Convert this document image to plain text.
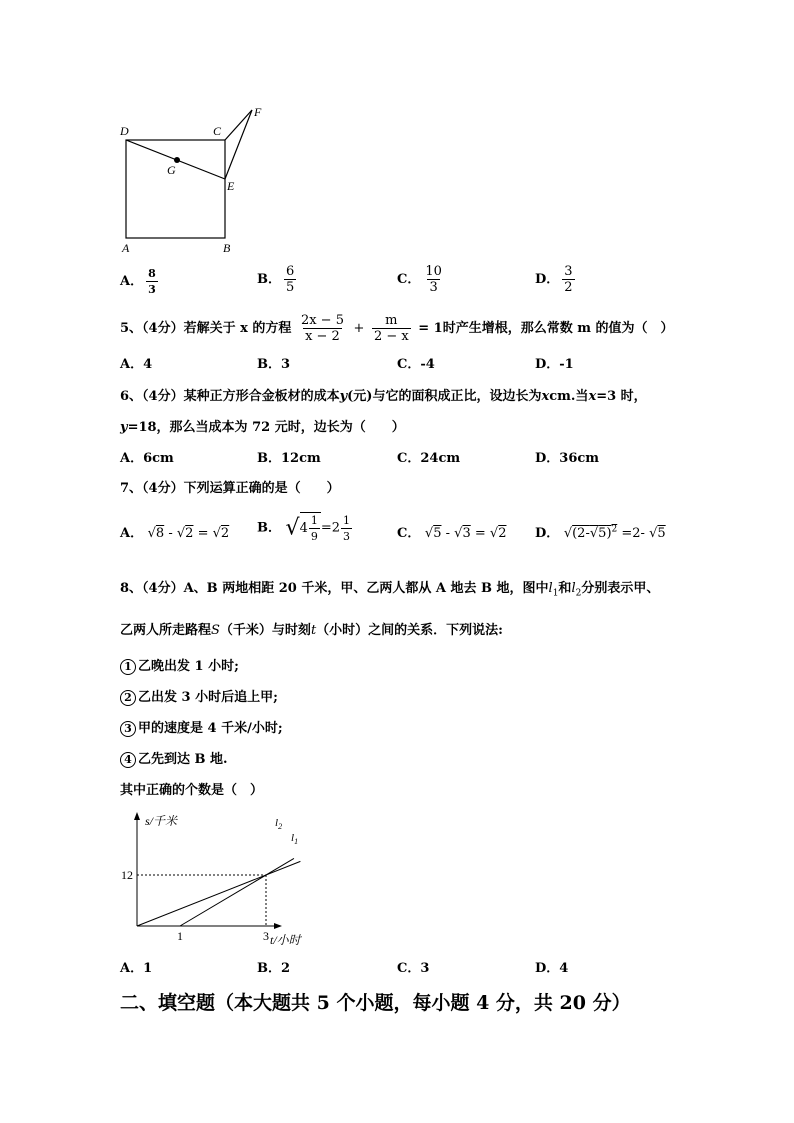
D	C
F
G
E
A	B
A． $\frac{8}{3}$	B． $\frac{6}{5}$	C． $\frac{10}{3}$	D． $\frac{3}{2}$
5、（4分）若解关于 x 的方程 $\frac{2x - 5}{x - 2} + \frac{m}{2 - x} = 1$时产生增根，那么常数 m 的值为（　）
A．4	B．3	C．-4	D．-1
6、（4分）某种正方形合金板材的成本y(元)与它的面积成正比，设边长为xcm.当x=3 时，
y=18，那么当成本为 72 元时，边长为（　　）
A．6cm	B．12cm	C．24cm	D．36cm
7、（4分）下列运算正确的是（　　）
A． √8 - √2 = √2 B． $√4 \frac{1}{9} =2 \frac{1}{3}$	C． √5 - √3 = √2 D． $√(2-√5)^2 =2-$ √5
8、（4分）A、B 两地相距 20 千米，甲、乙两人都从 A 地去 B 地，图中$l_1$和$l_2$分别表示甲、
乙两人所走路程S（千米）与时刻t（小时）之间的关系．下列说法:
1 乙晚出发 1 小时;
2 乙出发 3 小时后追上甲;
3 甲的速度是 4 千米/小时;
4 乙先到达 B 地.
其中正确的个数是（　）
s/千米
t/小时
12
1	3
$l_2$
$l_1$
A．1	B．2	C．3	D．4
二、填空题（本大题共 5 个小题，每小题 4 分，共 20 分）
